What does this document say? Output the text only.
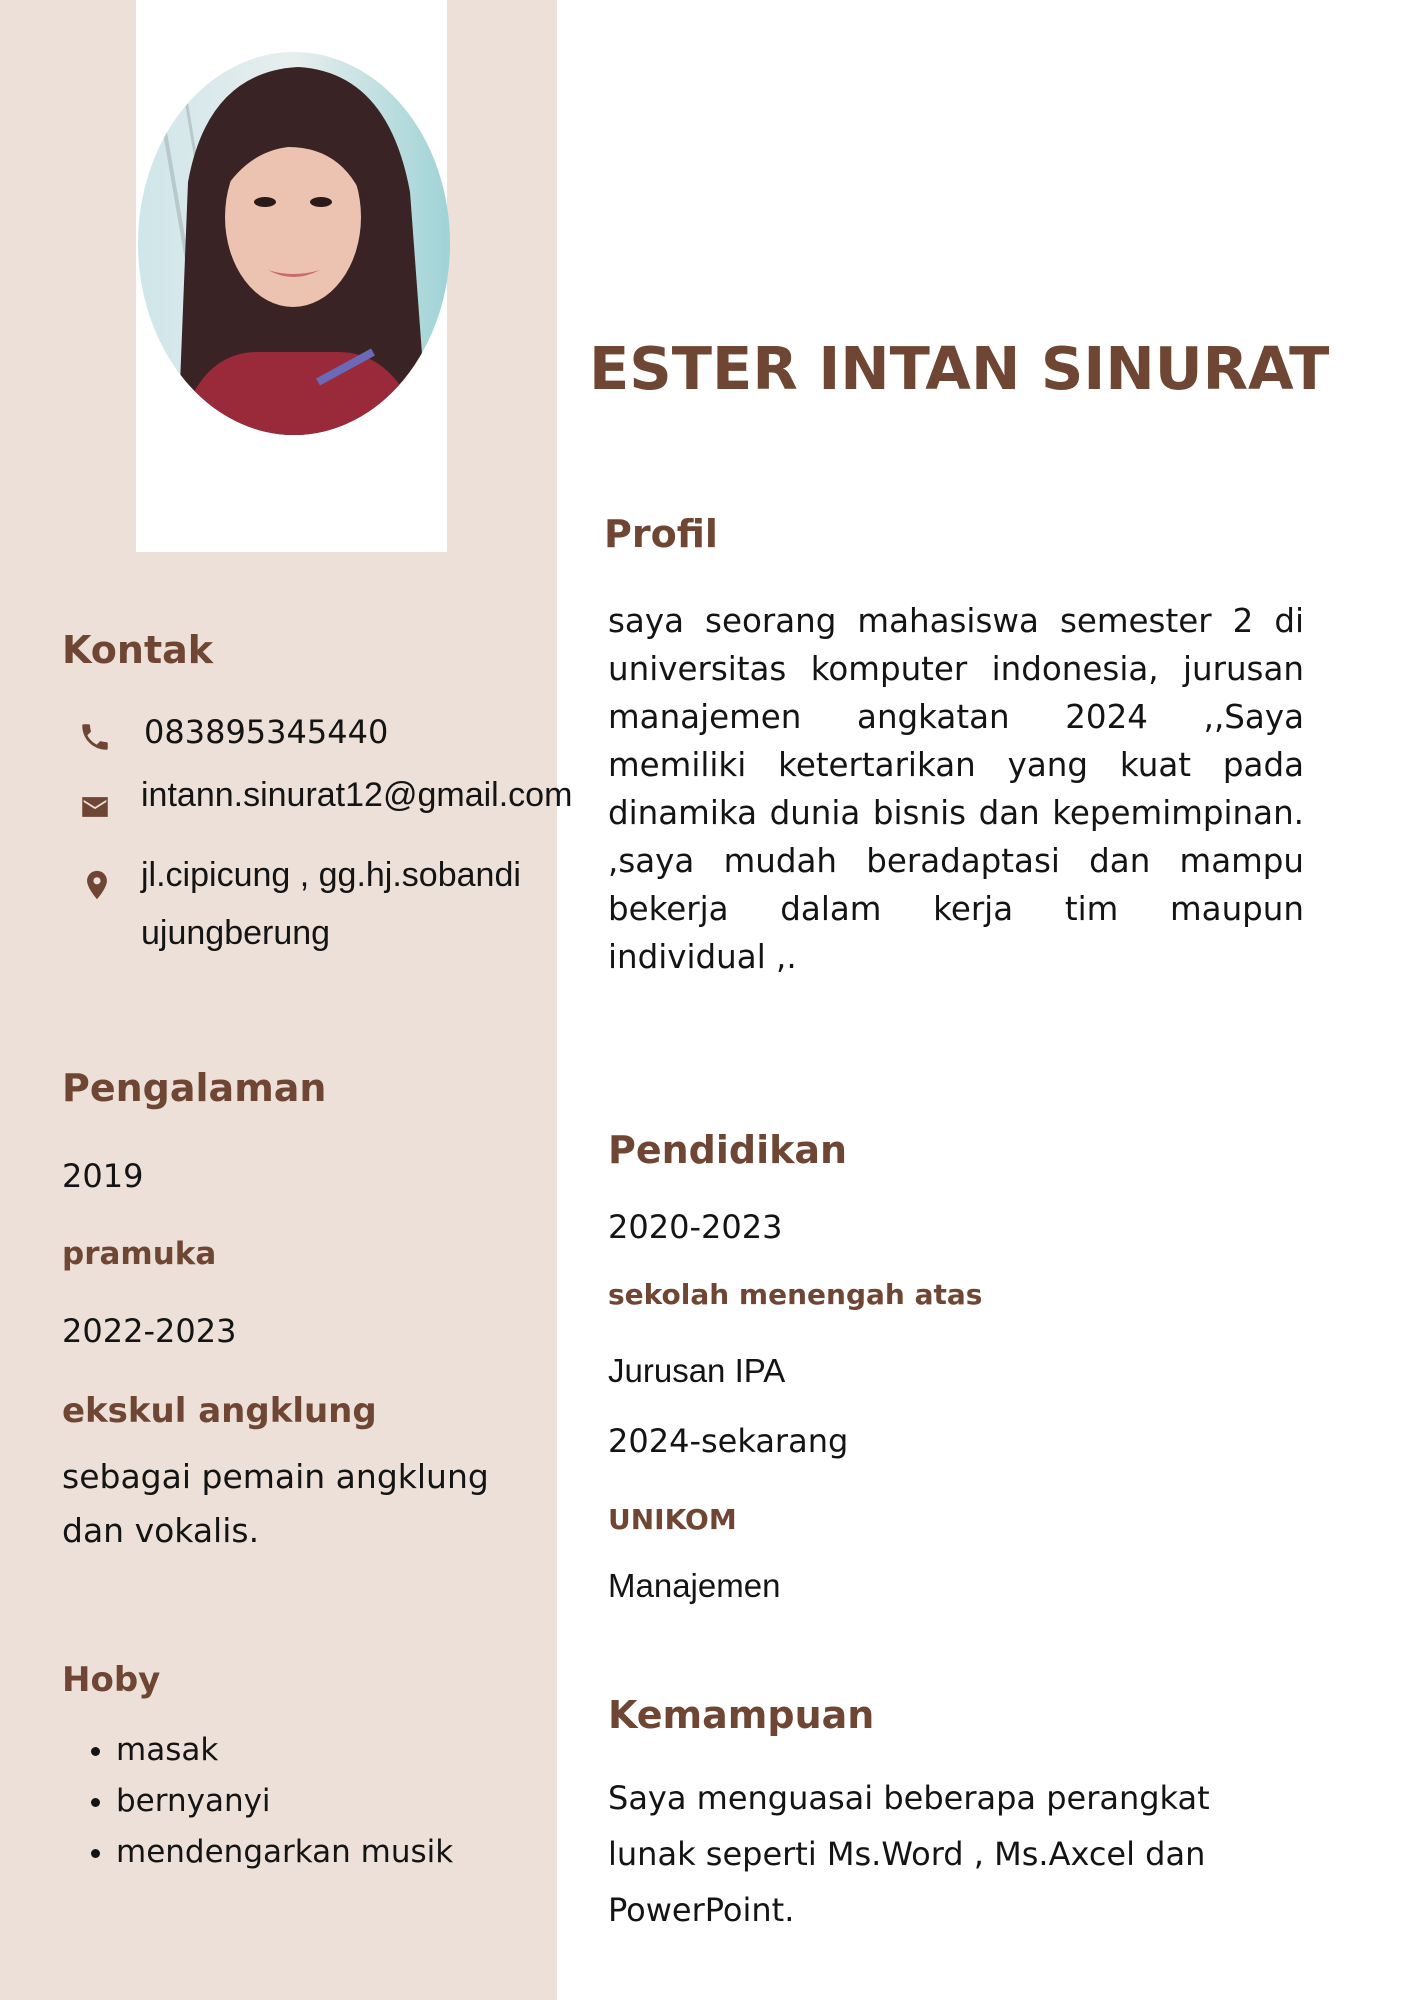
ESTER INTAN SINURAT
Kontak

083895345440

intann.sinurat12@gmail.com

jl.cipicung , gg.hj.sobandi

ujungberung

Pengalaman

2019

pramuka

2022-2023

ekskul angklung

sebagai pemain angklung dan vokalis.

Hoby
• masak
• bernyanyi
• mendengarkan musik
Profil

saya seorang mahasiswa semester 2 di universitas komputer indonesia, jurusan manajemen angkatan 2024 ,,Saya memiliki ketertarikan yang kuat pada dinamika dunia bisnis dan kepemimpinan. ,saya mudah beradaptasi dan mampu bekerja dalam kerja tim maupun individual ,.

Pendidikan

2020-2023

sekolah menengah atas

Jurusan IPA

2024-sekarang

UNIKOM

Manajemen

Kemampuan

Saya menguasai beberapa perangkat lunak seperti Ms.Word , Ms.Axcel dan PowerPoint.
